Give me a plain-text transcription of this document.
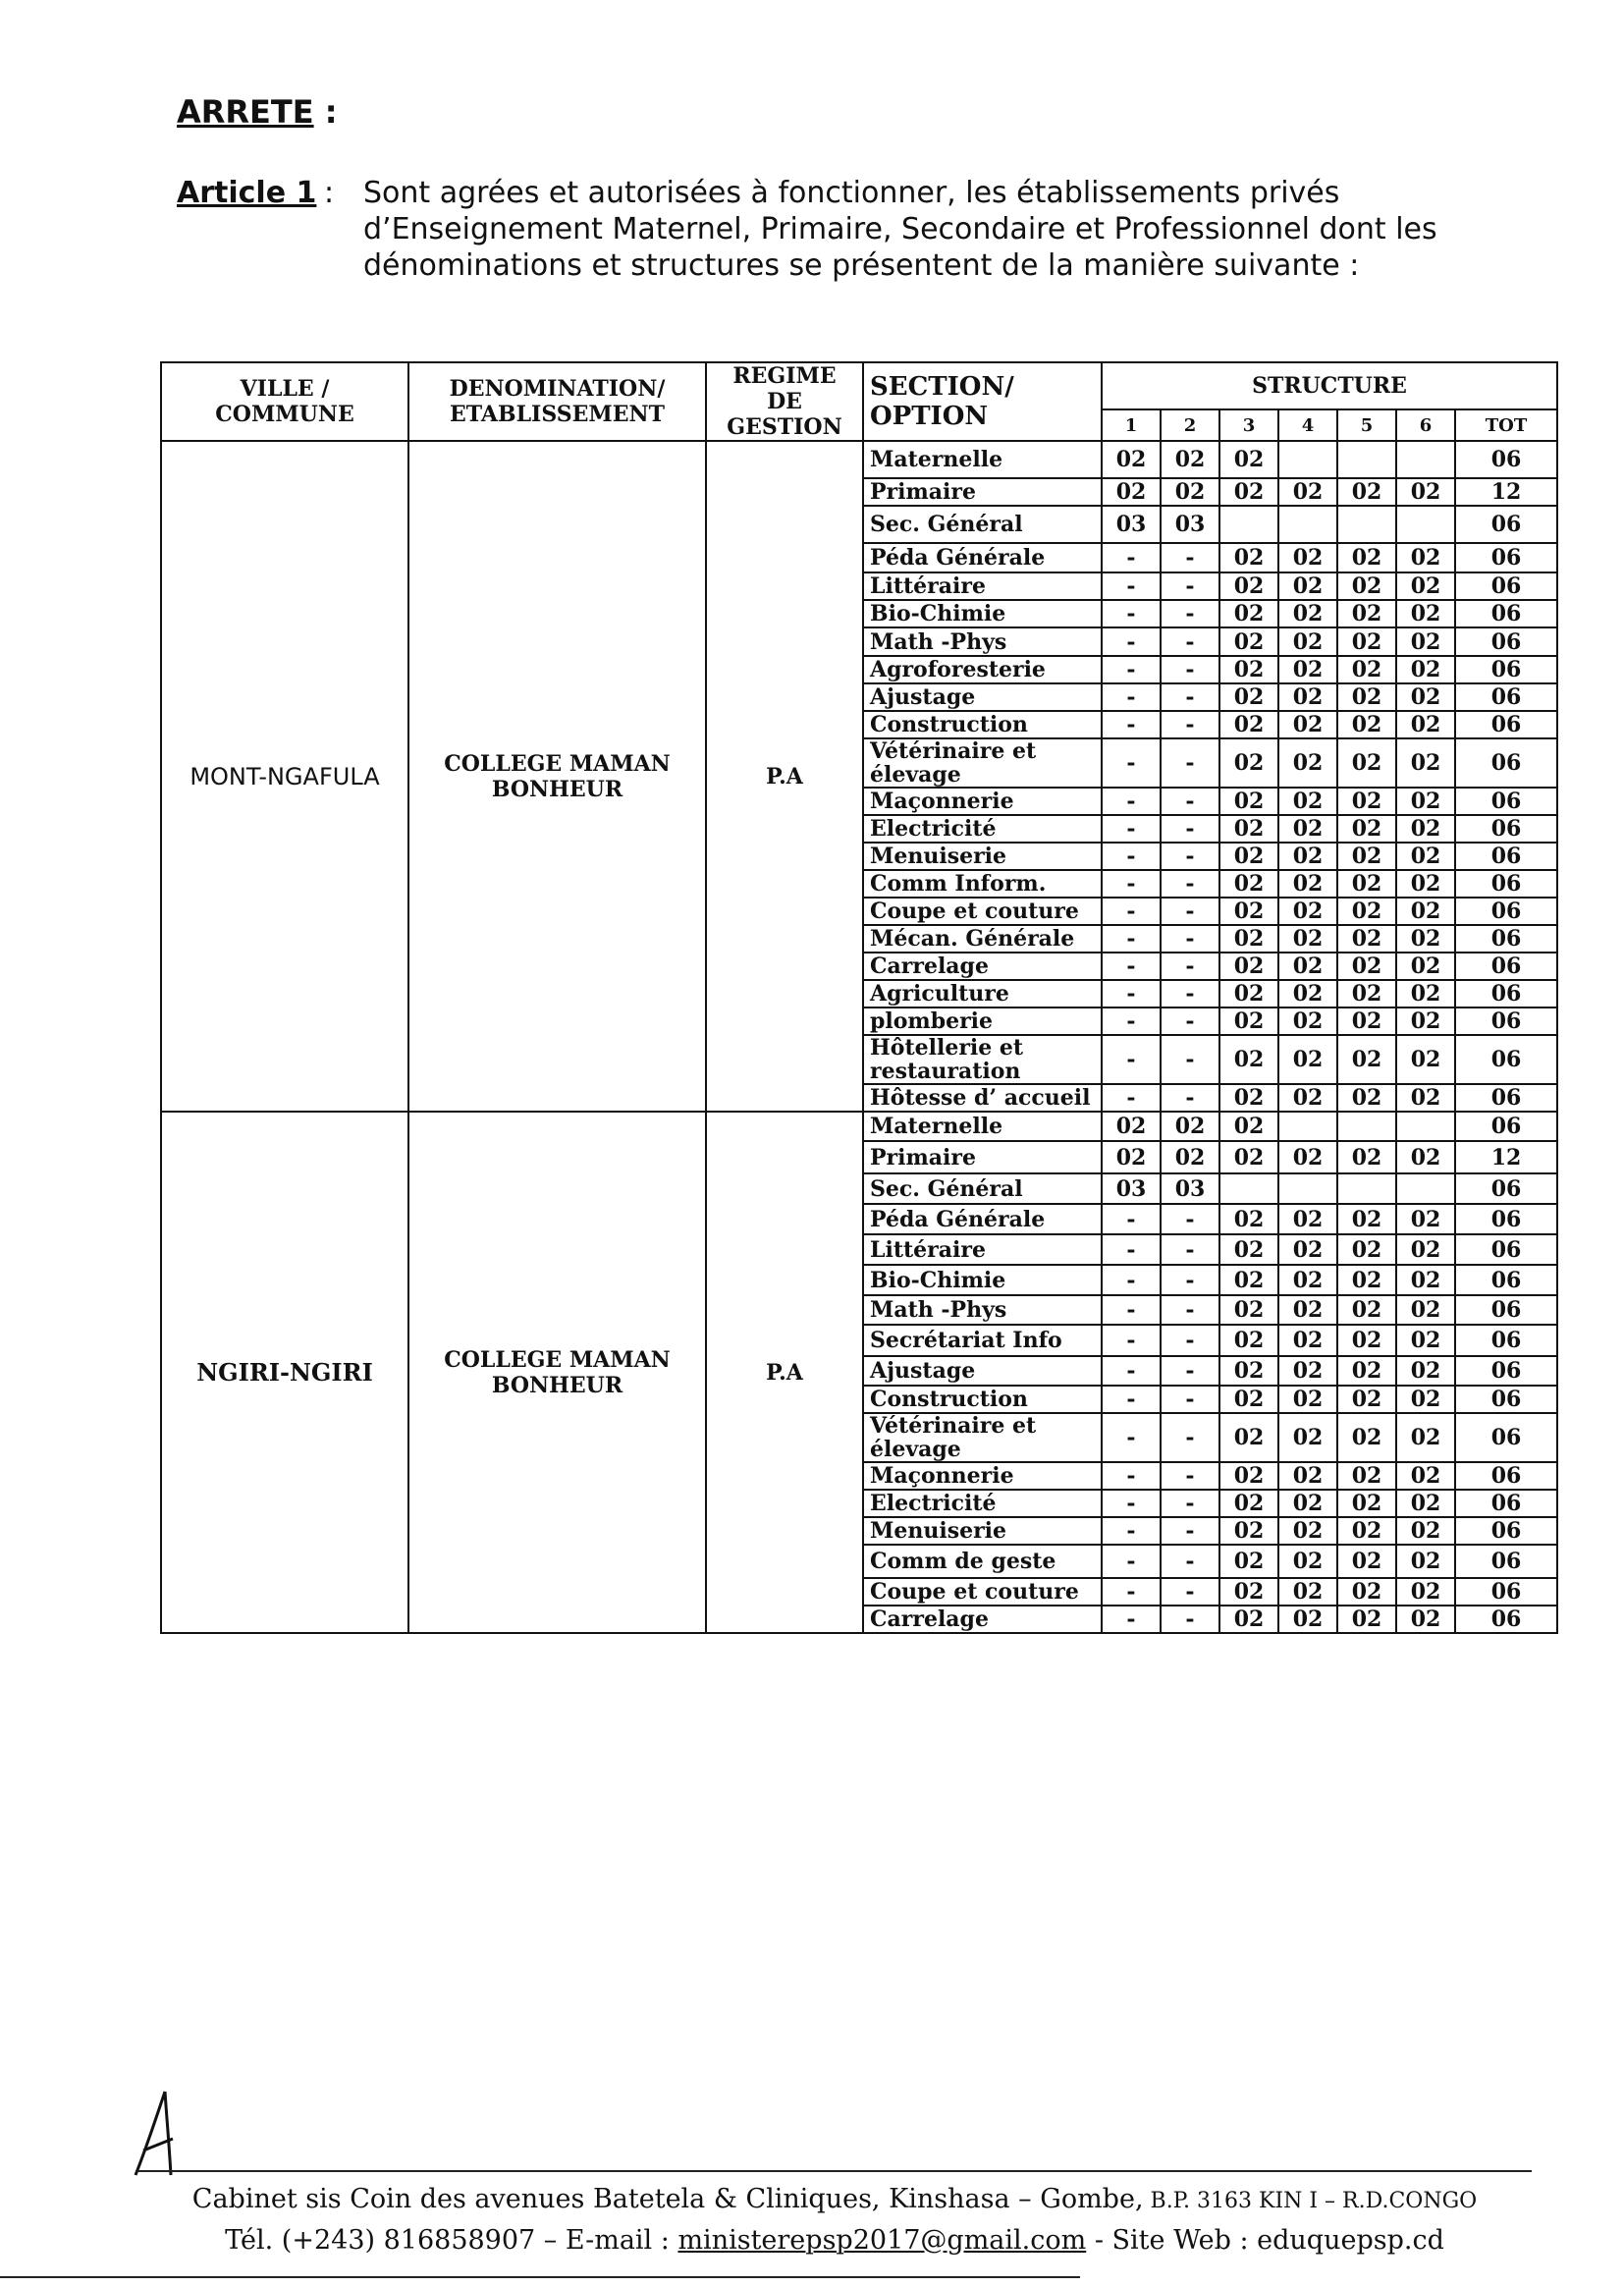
ARRETE :
Article 1 : Sont agrées et autorisées à fonctionner, les établissements privés d’Enseignement Maternel, Primaire, Secondaire et Professionnel dont les dénominations et structures se présentent de la manière suivante :
VILLE / COMMUNE	DENOMINATION/ ETABLISSEMENT	REGIME DE GESTION	SECTION/ OPTION	STRUCTURE						
				1	2	3	4	5	6	TOT
MONT-NGAFULA	COLLEGE MAMAN BONHEUR	P.A	Maternelle	02	02	02				06
			Primaire	02	02	02	02	02	02	12
			Sec. Général	03	03					06
			Péda Générale	-	-	02	02	02	02	06
			Littéraire	-	-	02	02	02	02	06
			Bio-Chimie	-	-	02	02	02	02	06
			Math -Phys	-	-	02	02	02	02	06
			Agroforesterie	-	-	02	02	02	02	06
			Ajustage	-	-	02	02	02	02	06
			Construction	-	-	02	02	02	02	06
			Vétérinaire et élevage	-	-	02	02	02	02	06
			Maçonnerie	-	-	02	02	02	02	06
			Electricité	-	-	02	02	02	02	06
			Menuiserie	-	-	02	02	02	02	06
			Comm Inform.	-	-	02	02	02	02	06
			Coupe et couture	-	-	02	02	02	02	06
			Mécan. Générale	-	-	02	02	02	02	06
			Carrelage	-	-	02	02	02	02	06
			Agriculture	-	-	02	02	02	02	06
			plomberie	-	-	02	02	02	02	06
			Hôtellerie et restauration	-	-	02	02	02	02	06
			Hôtesse d’ accueil	-	-	02	02	02	02	06
NGIRI-NGIRI	COLLEGE MAMAN BONHEUR	P.A	Maternelle	02	02	02				06
			Primaire	02	02	02	02	02	02	12
			Sec. Général	03	03					06
			Péda Générale	-	-	02	02	02	02	06
			Littéraire	-	-	02	02	02	02	06
			Bio-Chimie	-	-	02	02	02	02	06
			Math -Phys	-	-	02	02	02	02	06
			Secrétariat Info	-	-	02	02	02	02	06
			Ajustage	-	-	02	02	02	02	06
			Construction	-	-	02	02	02	02	06
			Vétérinaire et élevage	-	-	02	02	02	02	06
			Maçonnerie	-	-	02	02	02	02	06
			Electricité	-	-	02	02	02	02	06
			Menuiserie	-	-	02	02	02	02	06
			Comm de geste	-	-	02	02	02	02	06
			Coupe et couture	-	-	02	02	02	02	06
			Carrelage	-	-	02	02	02	02	06
Cabinet sis Coin des avenues Batetela & Cliniques, Kinshasa – Gombe, B.P. 3163 KIN I – R.D.CONGO
Tél. (+243) 816858907 – E-mail : ministerepsp2017@gmail.com - Site Web : eduquepsp.cd
